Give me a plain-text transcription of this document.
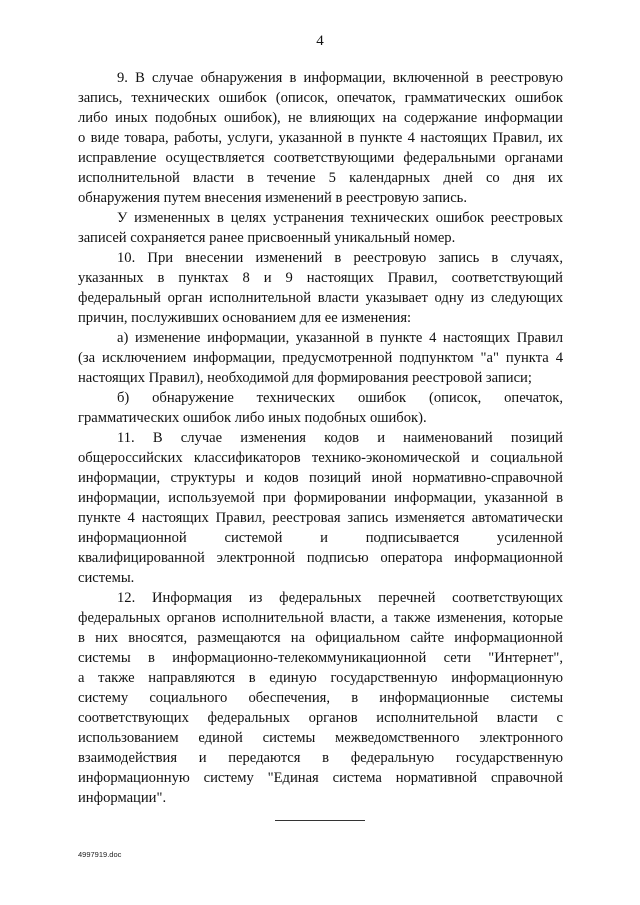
4
9. В случае обнаружения в информации, включенной в реестровую
запись, технических ошибок (описок, опечаток, грамматических ошибок
либо иных подобных ошибок), не влияющих на содержание информации
о виде товара, работы, услуги, указанной в пункте 4 настоящих Правил, их
исправление осуществляется соответствующими федеральными органами
исполнительной власти в течение 5 календарных дней со дня их
обнаружения путем внесения изменений в реестровую запись.
У измененных в целях устранения технических ошибок реестровых
записей сохраняется ранее присвоенный уникальный номер.
10. При внесении изменений в реестровую запись в случаях,
указанных в пунктах 8 и 9 настоящих Правил, соответствующий
федеральный орган исполнительной власти указывает одну из следующих
причин, послуживших основанием для ее изменения:
а) изменение информации, указанной в пункте 4 настоящих Правил
(за исключением информации, предусмотренной подпунктом "а" пункта 4
настоящих Правил), необходимой для формирования реестровой записи;
б) обнаружение технических ошибок (описок, опечаток,
грамматических ошибок либо иных подобных ошибок).
11. В случае изменения кодов и наименований позиций
общероссийских классификаторов технико-экономической и социальной
информации, структуры и кодов позиций иной нормативно-справочной
информации, используемой при формировании информации, указанной в
пункте 4 настоящих Правил, реестровая запись изменяется автоматически
информационной системой и подписывается усиленной
квалифицированной электронной подписью оператора информационной
системы.
12. Информация из федеральных перечней соответствующих
федеральных органов исполнительной власти, а также изменения, которые
в них вносятся, размещаются на официальном сайте информационной
системы в информационно-телекоммуникационной сети "Интернет",
а также направляются в единую государственную информационную
систему социального обеспечения, в информационные системы
соответствующих федеральных органов исполнительной власти с
использованием единой системы межведомственного электронного
взаимодействия и передаются в федеральную государственную
информационную систему "Единая система нормативной справочной
информации".
4997919.doc
